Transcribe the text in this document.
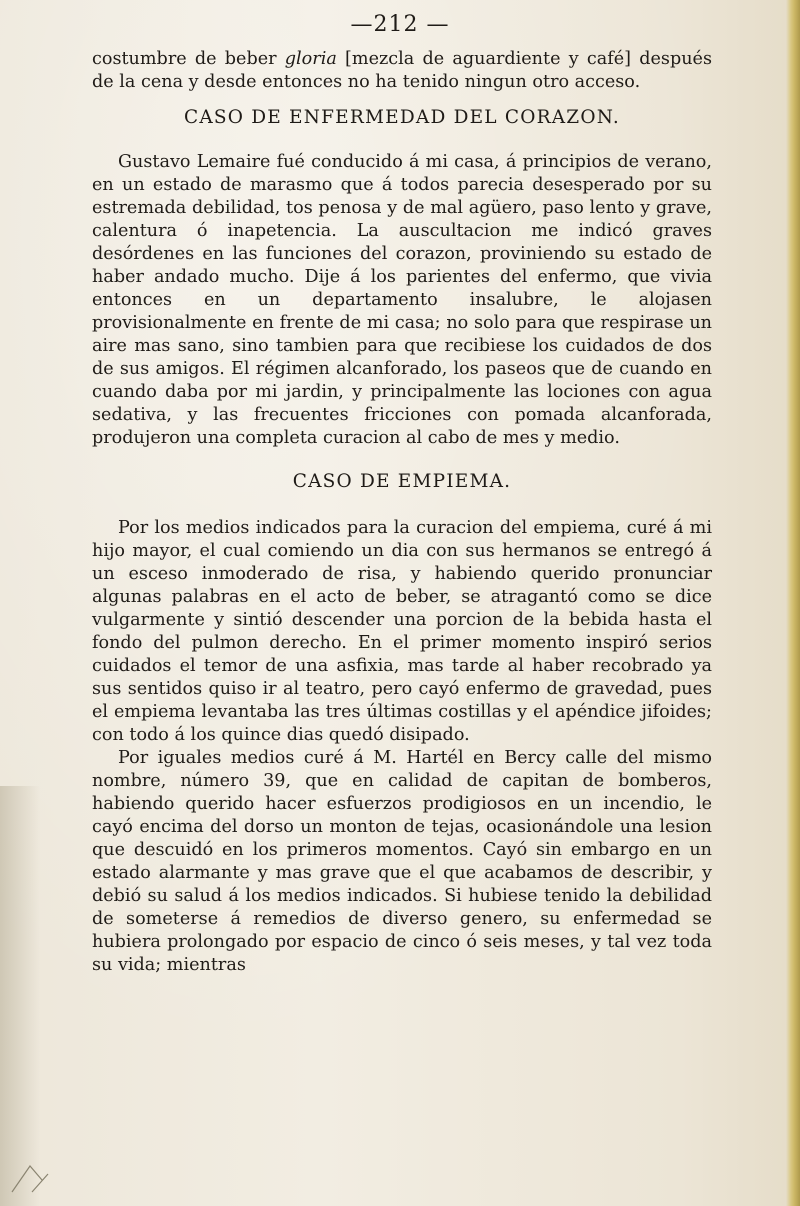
—212 —

costumbre de beber gloria [mezcla de aguardiente y café] después de la cena y desde entonces no ha tenido ningun otro acceso.

CASO DE ENFERMEDAD DEL CORAZON.

Gustavo Lemaire fué conducido á mi casa, á principios de verano, en un estado de marasmo que á todos parecia desesperado por su estremada debilidad, tos penosa y de mal agüero, paso lento y grave, calentura ó inapetencia. La auscultacion me indicó graves desórdenes en las funciones del corazon, proviniendo su estado de haber andado mucho. Dije á los parientes del enfermo, que vivia entonces en un departamento insalubre, le alojasen provisionalmente en frente de mi casa; no solo para que respirase un aire mas sano, sino tambien para que recibiese los cuidados de dos de sus amigos. El régimen alcanforado, los paseos que de cuando en cuando daba por mi jardin, y principalmente las lociones con agua sedativa, y las frecuentes fricciones con pomada alcanforada, produjeron una completa curacion al cabo de mes y medio.

CASO DE EMPIEMA.

Por los medios indicados para la curacion del empiema, curé á mi hijo mayor, el cual comiendo un dia con sus hermanos se entregó á un esceso inmoderado de risa, y habiendo querido pronunciar algunas palabras en el acto de beber, se atragantó como se dice vulgarmente y sintió descender una porcion de la bebida hasta el fondo del pulmon derecho. En el primer momento inspiró serios cuidados el temor de una asfixia, mas tarde al haber recobrado ya sus sentidos quiso ir al teatro, pero cayó enfermo de gravedad, pues el empiema levantaba las tres últimas costillas y el apéndice jifoides; con todo á los quince dias quedó disipado.

Por iguales medios curé á M. Hartél en Bercy calle del mismo nombre, número 39, que en calidad de capitan de bomberos, habiendo querido hacer esfuerzos prodigiosos en un incendio, le cayó encima del dorso un monton de tejas, ocasionándole una lesion que descuidó en los primeros momentos. Cayó sin embargo en un estado alarmante y mas grave que el que acabamos de describir, y debió su salud á los medios indicados. Si hubiese tenido la debilidad de someterse á remedios de diverso genero, su enfermedad se hubiera prolongado por espacio de cinco ó seis meses, y tal vez toda su vida; mientras
